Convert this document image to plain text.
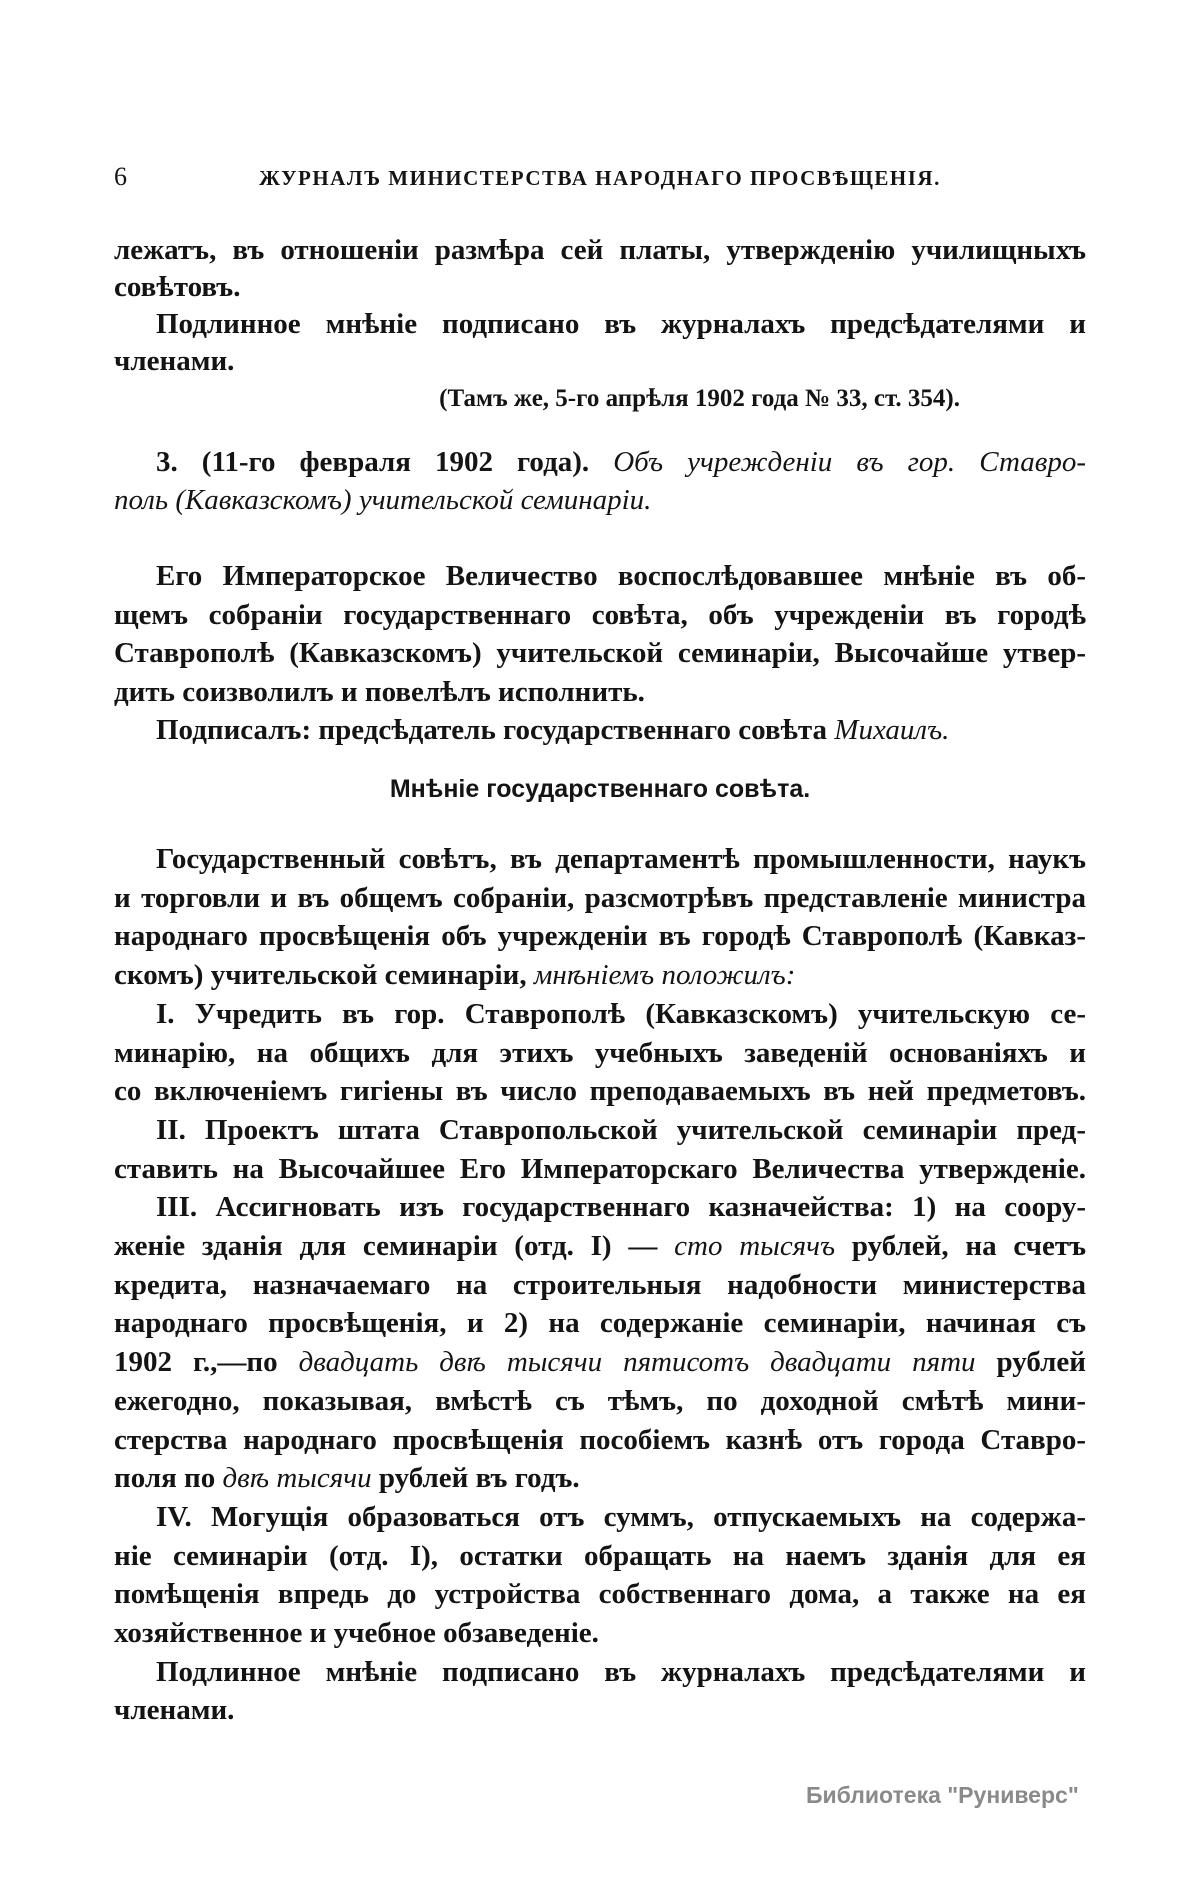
6	ЖУРНАЛЪ МИНИСТЕРСТВА НАРОДНАГО ПРОСВѢЩЕНІЯ.
лежатъ, въ отношеніи размѣра сей платы, утвержденію училищныхъ
совѣтовъ.
Подлинное мнѣніе подписано въ журналахъ предсѣдателями и
членами.
(Тамъ же, 5-го апрѣля 1902 года № 33, ст. 354).
3. (11-го февраля 1902 года). Объ учрежденіи въ гор. Ставро-
поль (Кавказскомъ) учительской семинаріи.
Его Императорское Величество воспослѣдовавшее мнѣніе въ об-
щемъ собраніи государственнаго совѣта, объ учрежденіи въ городѣ
Ставрополѣ (Кавказскомъ) учительской семинаріи, Высочайше утвер-
дить соизволилъ и повелѣлъ исполнить.
Подписалъ: предсѣдатель государственнаго совѣта Михаилъ.
Мнѣніе государственнаго совѣта.
Государственный совѣтъ, въ департаментѣ промышленности, наукъ
и торговли и въ общемъ собраніи, разсмотрѣвъ представленіе министра
народнаго просвѣщенія объ учрежденіи въ городѣ Ставрополѣ (Кавказ-
скомъ) учительской семинаріи, мнѣніемъ положилъ:
I. Учредить въ гор. Ставрополѣ (Кавказскомъ) учительскую се-
минарію, на общихъ для этихъ учебныхъ заведеній основаніяхъ и
со включеніемъ гигіены въ число преподаваемыхъ въ ней предметовъ.
II. Проектъ штата Ставропольской учительской семинаріи пред-
ставить на Высочайшее Его Императорскаго Величества утвержденіе.
III. Ассигновать изъ государственнаго казначейства: 1) на соору-
женіе зданія для семинаріи (отд. I) — сто тысячъ рублей, на счетъ
кредита, назначаемаго на строительныя надобности министерства
народнаго просвѣщенія, и 2) на содержаніе семинаріи, начиная съ
1902 г.,—по двадцать двѣ тысячи пятисотъ двадцати пяти рублей
ежегодно, показывая, вмѣстѣ съ тѣмъ, по доходной смѣтѣ мини-
стерства народнаго просвѣщенія пособіемъ казнѣ отъ города Ставро-
поля по двѣ тысячи рублей въ годъ.
IV. Могущія образоваться отъ суммъ, отпускаемыхъ на содержа-
ніе семинаріи (отд. I), остатки обращать на наемъ зданія для ея
помѣщенія впредь до устройства собственнаго дома, а также на ея
хозяйственное и учебное обзаведеніе.
Подлинное мнѣніе подписано въ журналахъ предсѣдателями и
членами.
Библиотека "Руниверс"
